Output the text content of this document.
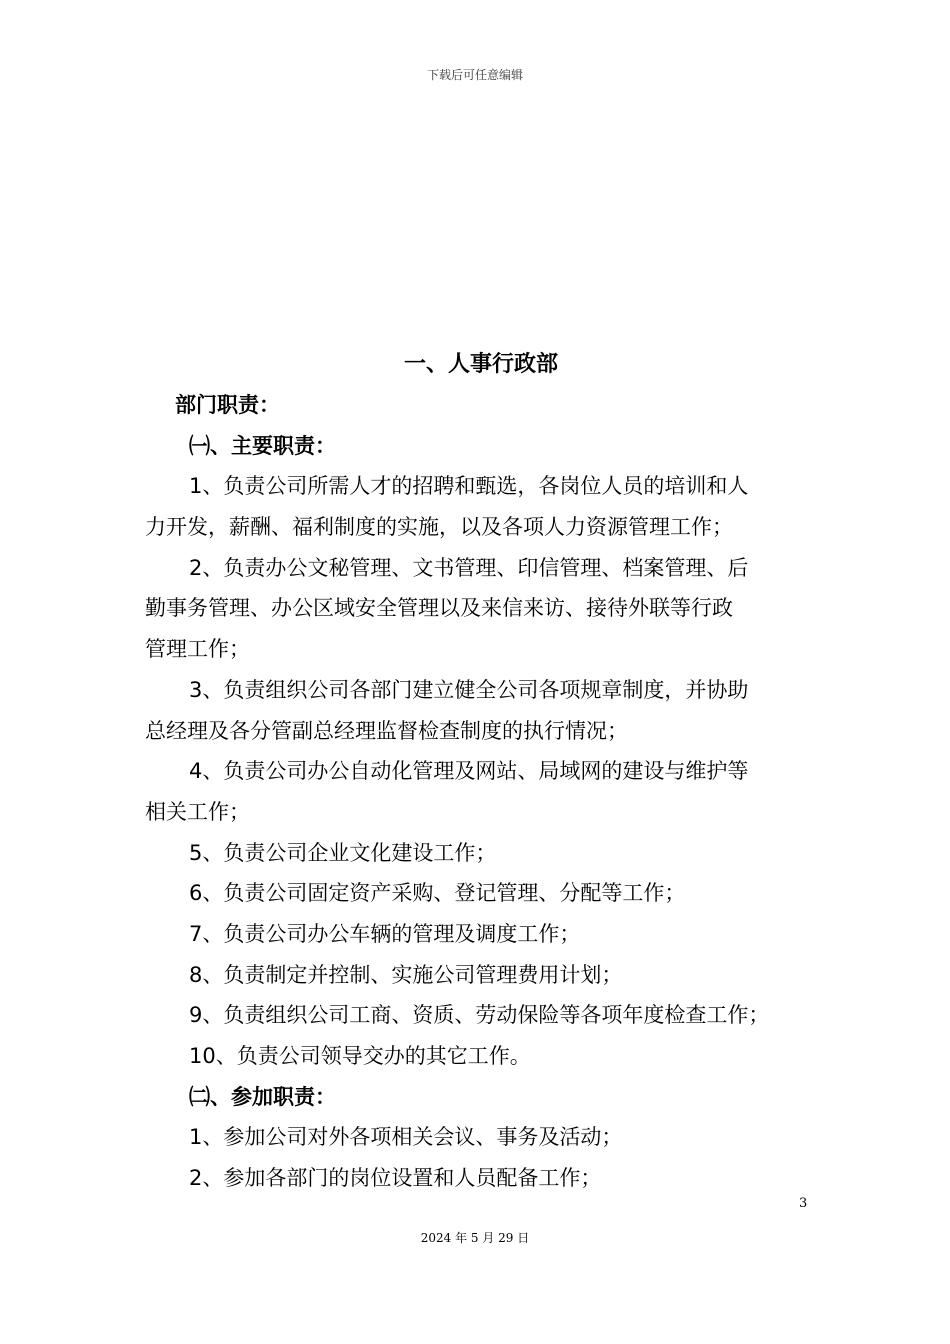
下载后可任意编辑
一、人事行政部
部门职责：
㈠、主要职责：
1、负责公司所需人才的招聘和甄选，各岗位人员的培训和人
力开发，薪酬、福利制度的实施，以及各项人力资源管理工作；
2、负责办公文秘管理、文书管理、印信管理、档案管理、后
勤事务管理、办公区域安全管理以及来信来访、接待外联等行政
管理工作；
3、负责组织公司各部门建立健全公司各项规章制度，并协助
总经理及各分管副总经理监督检查制度的执行情况；
4、负责公司办公自动化管理及网站、局域网的建设与维护等
相关工作；
5、负责公司企业文化建设工作；
6、负责公司固定资产采购、登记管理、分配等工作；
7、负责公司办公车辆的管理及调度工作；
8、负责制定并控制、实施公司管理费用计划；
9、负责组织公司工商、资质、劳动保险等各项年度检查工作；
10、负责公司领导交办的其它工作。
㈡、参加职责：
1、参加公司对外各项相关会议、事务及活动；
2、参加各部门的岗位设置和人员配备工作；
3
2024 年 5 月 29 日
